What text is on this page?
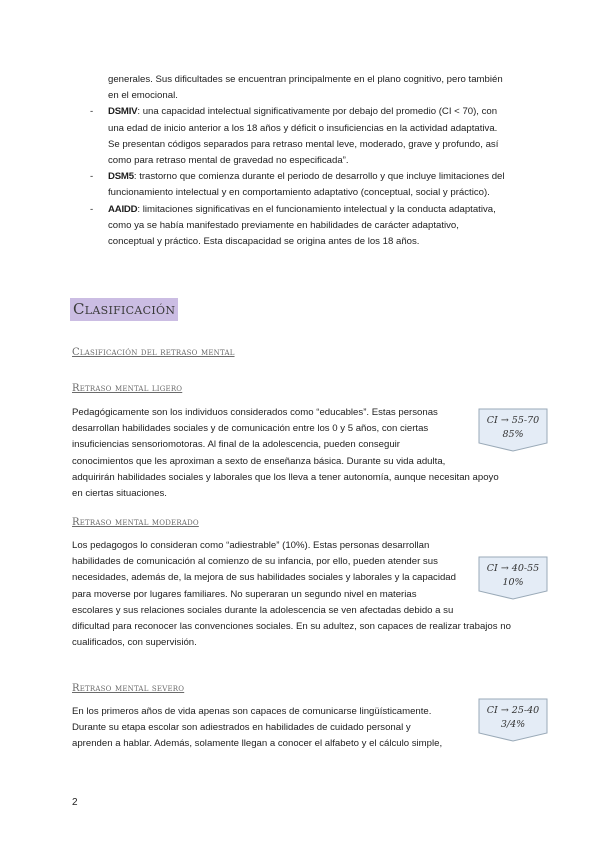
generales. Sus dificultades se encuentran principalmente en el plano cognitivo, pero también
en el emocional.
-	DSMIV: una capacidad intelectual significativamente por debajo del promedio (CI < 70), con
una edad de inicio anterior a los 18 años y déficit o insuficiencias en la actividad adaptativa.
Se presentan códigos separados para retraso mental leve, moderado, grave y profundo, así
como para retraso mental de gravedad no especificada”.
-	DSM5: trastorno que comienza durante el periodo de desarrollo y que incluye limitaciones del
funcionamiento intelectual y en comportamiento adaptativo (conceptual, social y práctico).
-	AAIDD: limitaciones significativas en el funcionamiento intelectual y la conducta adaptativa,
como ya se había manifestado previamente en habilidades de carácter adaptativo,
conceptual y práctico. Esta discapacidad se origina antes de los 18 años.
Clasificación
Clasificación del retraso mental
Retraso mental ligero
Pedagógicamente son los individuos considerados como “educables”. Estas personas
desarrollan habilidades sociales y de comunicación entre los 0 y 5 años, con ciertas
insuficiencias sensoriomotoras. Al final de la adolescencia, pueden conseguir
conocimientos que les aproximan a sexto de enseñanza básica. Durante su vida adulta,
adquirirán habilidades sociales y laborales que los lleva a tener autonomía, aunque necesitan apoyo
en ciertas situaciones.
CI → 55-70
85%
Retraso mental moderado
Los pedagogos lo consideran como “adiestrable” (10%). Estas personas desarrollan
habilidades de comunicación al comienzo de su infancia, por ello, pueden atender sus
necesidades, además de, la mejora de sus habilidades sociales y laborales y la capacidad
para moverse por lugares familiares. No superaran un segundo nivel en materias
escolares y sus relaciones sociales durante la adolescencia se ven afectadas debido a su
dificultad para reconocer las convenciones sociales. En su adultez, son capaces de realizar trabajos no
cualificados, con supervisión.
CI → 40-55
10%
Retraso mental severo
En los primeros años de vida apenas son capaces de comunicarse lingüísticamente.
Durante su etapa escolar son adiestrados en habilidades de cuidado personal y
aprenden a hablar. Además, solamente llegan a conocer el alfabeto y el cálculo simple,
CI → 25-40
3/4%
2
